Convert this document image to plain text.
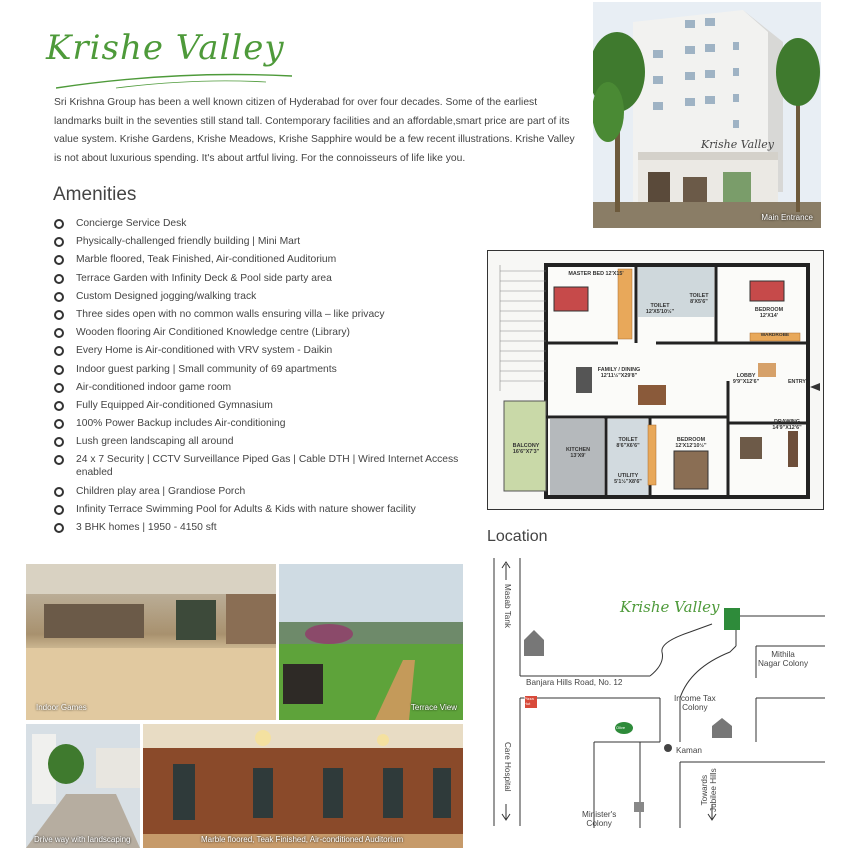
Krishe Valley
Sri Krishna Group has been a well known citizen of Hyderabad for over four decades. Some of the earliest landmarks built in the seventies still stand tall. Contemporary facilities and an affordable,smart price are part of its value system. Krishe Gardens, Krishe Meadows, Krishe Sapphire would be a few recent illustrations. Krishe Valley is not about luxurious spending. It's about artful living. For the connoisseurs of life like you.
Amenities
Concierge Service Desk
Physically-challenged friendly building | Mini Mart
Marble floored, Teak Finished, Air-conditioned Auditorium
Terrace Garden with Infinity Deck & Pool side party area
Custom Designed jogging/walking track
Three sides open with no common walls ensuring villa – like privacy
Wooden flooring Air Conditioned Knowledge centre (Library)
Every Home is Air-conditioned with VRV system - Daikin
Indoor guest parking | Small community of 69 apartments
Air-conditioned indoor game room
Fully Equipped Air-conditioned Gymnasium
100% Power Backup includes Air-conditioning
Lush green landscaping all around
24 x 7 Security | CCTV Surveillance Piped Gas | Cable DTH | Wired Internet Access enabled
Children play area | Grandiose Porch
Infinity Terrace Swimming Pool for Adults & Kids with nature shower facility
3 BHK homes | 1950 - 4150 sft
Krishe Valley
Main Entrance
MASTER BED 12'X15'
TOILET
12'X5'10½"
TOILET
8'X5'6"
BEDROOM
12'X14'
WARDROBE
FAMILY / DINING
12'11½"X29'8"	LOBBY
9'9"X12'6"	ENTRY
DRAWING
14'9"X12'6"
BALCONY
16'6"X7'3"	KITCHEN
13'X9'
TOILET
8'6"X6'6"
UTILITY
5'1½"X8'6"
BEDROOM
12'X12'10½"
Location
Krishe Valley
Masab Tank
Banjara Hills Road, No. 12
Mithila
Nagar Colony
Income Tax
Colony
Kaman
Care Hospital	Towards
Jubilee Hills
Minister's
Colony
Pizza Hut
Olive
Indoor Games	Terrace View
Drive way with landscaping	Marble floored, Teak Finished, Air-conditioned Auditorium
